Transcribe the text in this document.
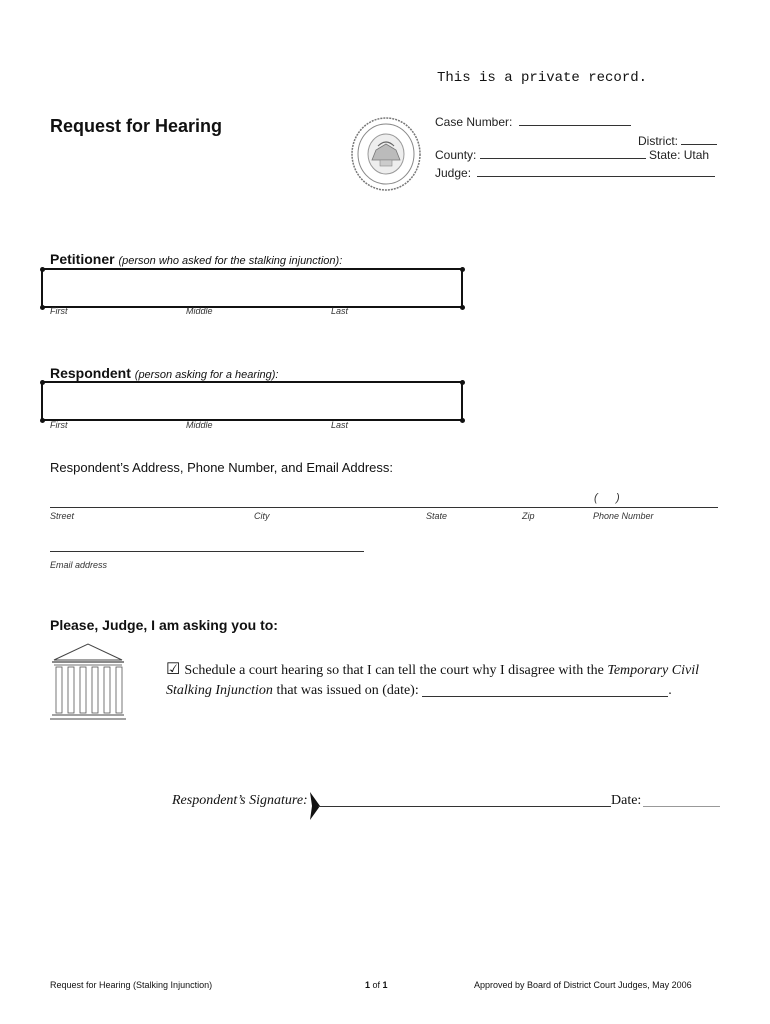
This is a private record.
Request for Hearing	Case Number:
District:
County:	State: Utah
Judge:
Petitioner (person who asked for the stalking injunction):
First	Middle	Last
Respondent (person asking for a hearing):
First	Middle	Last
Respondent’s Address, Phone Number, and Email Address:
(      )
Street	City	State	Zip	Phone Number
Email address
Please, Judge, I am asking you to:
☑ Schedule a court hearing so that I can tell the court why I disagree with the Temporary Civil Stalking Injunction that was issued on (date):	.
Respondent’s Signature:	Date:
Request for Hearing (Stalking Injunction)	1 of 1	Approved by Board of District Court Judges, May 2006
